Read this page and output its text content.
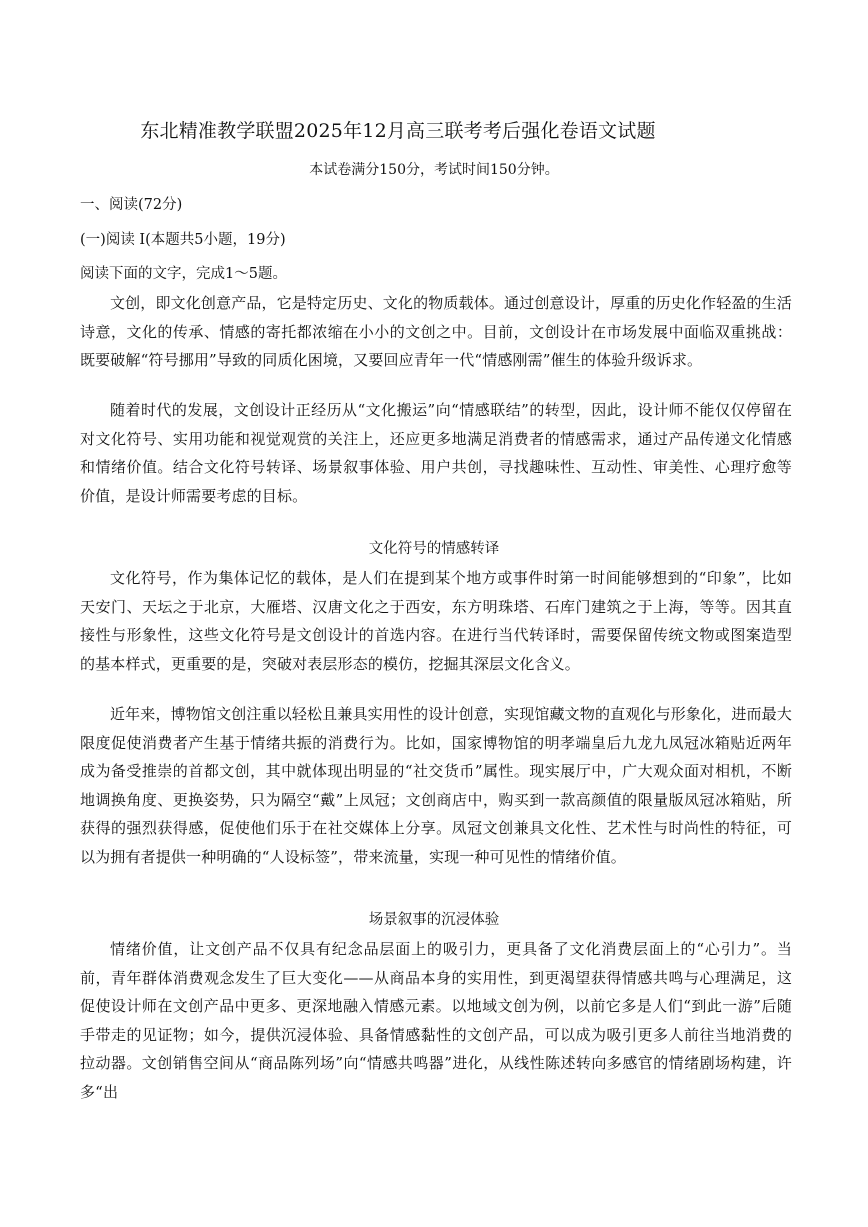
东北精准教学联盟2025年12月高三联考考后强化卷语文试题
本试卷满分150分，考试时间150分钟。
一、阅读(72分)
(一)阅读 I(本题共5小题，19分)
阅读下面的文字，完成1～5题。
文创，即文化创意产品，它是特定历史、文化的物质载体。通过创意设计，厚重的历史化作轻盈的生活诗意，文化的传承、情感的寄托都浓缩在小小的文创之中。目前，文创设计在市场发展中面临双重挑战：既要破解“符号挪用”导致的同质化困境，又要回应青年一代“情感刚需”催生的体验升级诉求。
随着时代的发展，文创设计正经历从“文化搬运”向“情感联结”的转型，因此，设计师不能仅仅停留在对文化符号、实用功能和视觉观赏的关注上，还应更多地满足消费者的情感需求，通过产品传递文化情感和情绪价值。结合文化符号转译、场景叙事体验、用户共创，寻找趣味性、互动性、审美性、心理疗愈等价值，是设计师需要考虑的目标。
文化符号的情感转译
文化符号，作为集体记忆的载体，是人们在提到某个地方或事件时第一时间能够想到的“印象”，比如天安门、天坛之于北京，大雁塔、汉唐文化之于西安，东方明珠塔、石库门建筑之于上海，等等。因其直接性与形象性，这些文化符号是文创设计的首选内容。在进行当代转译时，需要保留传统文物或图案造型的基本样式，更重要的是，突破对表层形态的模仿，挖掘其深层文化含义。
近年来，博物馆文创注重以轻松且兼具实用性的设计创意，实现馆藏文物的直观化与形象化，进而最大限度促使消费者产生基于情绪共振的消费行为。比如，国家博物馆的明孝端皇后九龙九凤冠冰箱贴近两年成为备受推崇的首都文创，其中就体现出明显的“社交货币”属性。现实展厅中，广大观众面对相机，不断地调换角度、更换姿势，只为隔空“戴”上凤冠；文创商店中，购买到一款高颜值的限量版凤冠冰箱贴，所获得的强烈获得感，促使他们乐于在社交媒体上分享。凤冠文创兼具文化性、艺术性与时尚性的特征，可以为拥有者提供一种明确的“人设标签”，带来流量，实现一种可见性的情绪价值。
场景叙事的沉浸体验
情绪价值，让文创产品不仅具有纪念品层面上的吸引力，更具备了文化消费层面上的“心引力”。当前，青年群体消费观念发生了巨大变化——从商品本身的实用性，到更渴望获得情感共鸣与心理满足，这促使设计师在文创产品中更多、更深地融入情感元素。以地域文创为例，以前它多是人们“到此一游”后随手带走的见证物；如今，提供沉浸体验、具备情感黏性的文创产品，可以成为吸引更多人前往当地消费的拉动器。文创销售空间从“商品陈列场”向“情感共鸣器”进化，从线性陈述转向多感官的情绪剧场构建，许多“出
